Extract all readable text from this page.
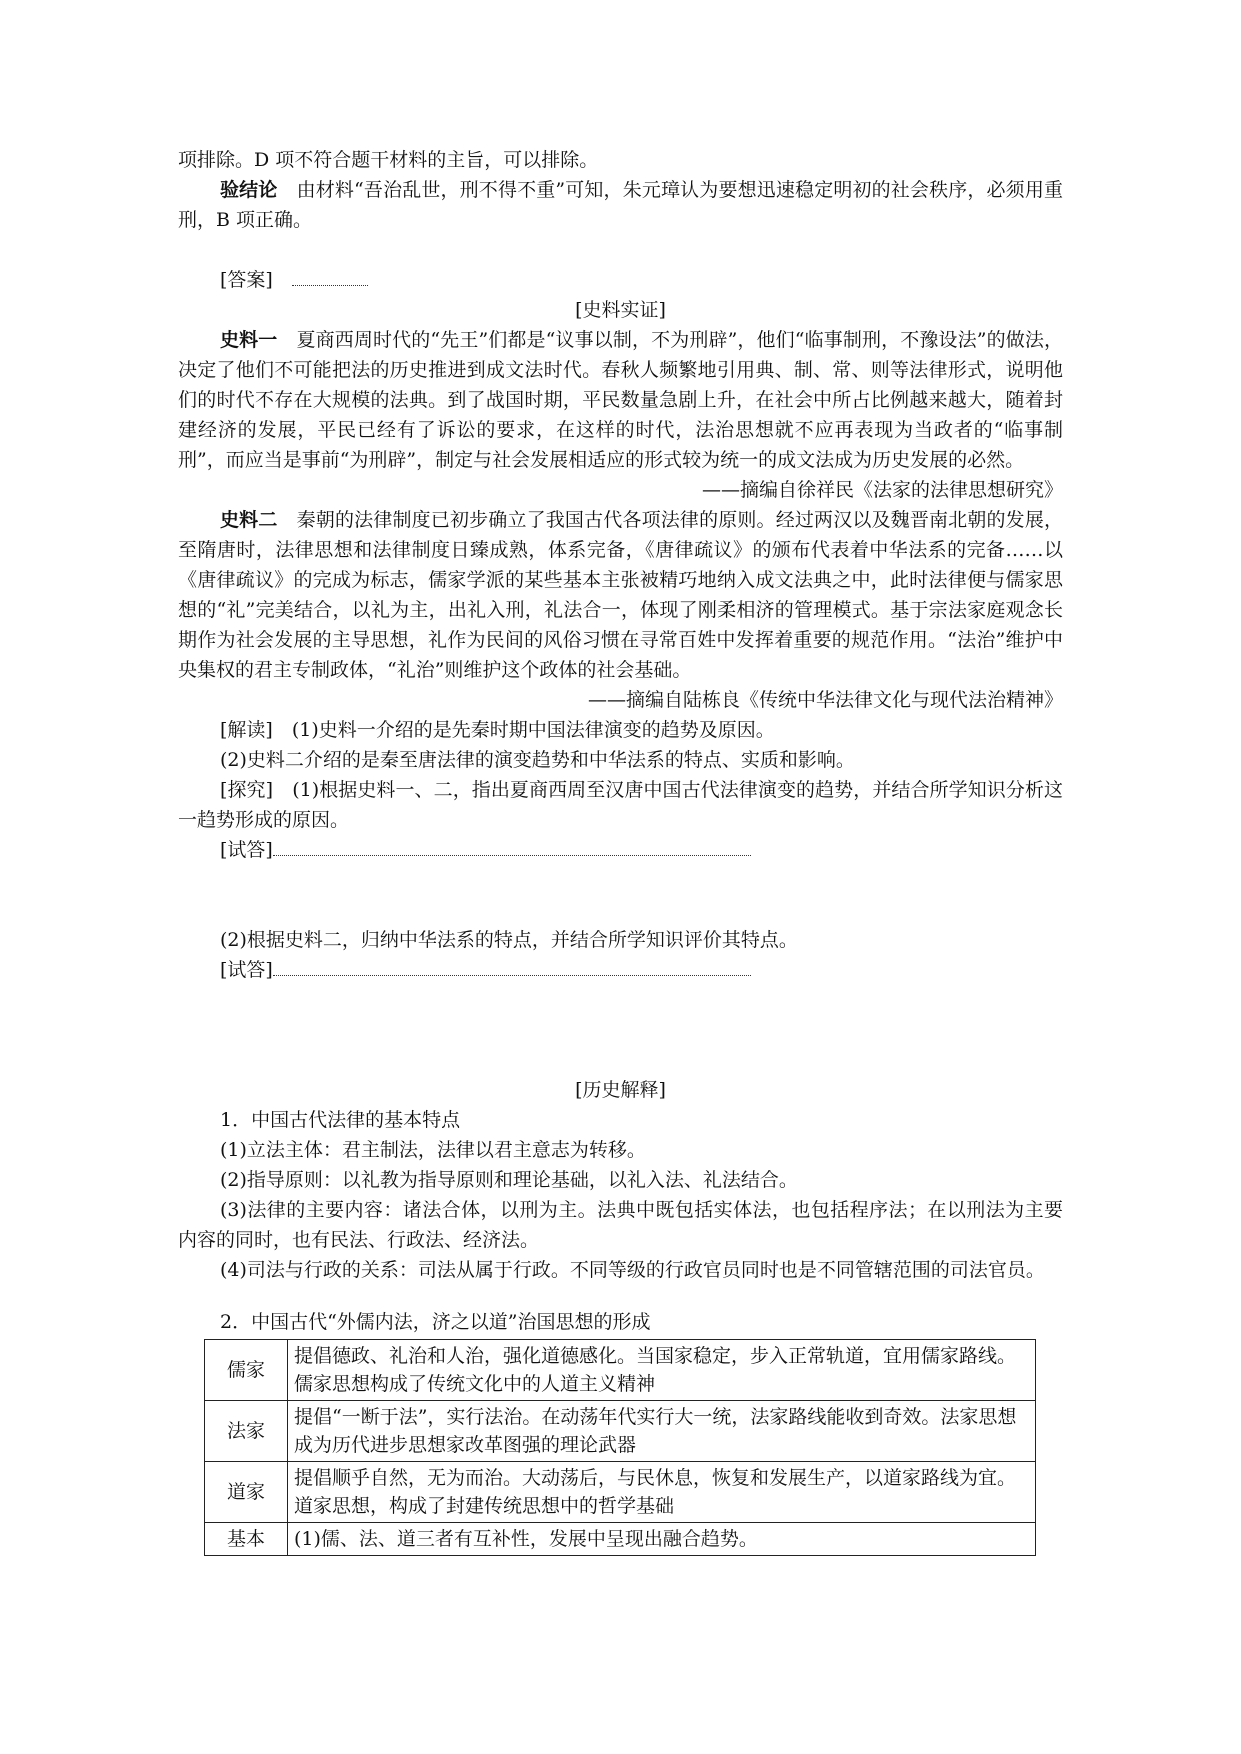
项排除。D 项不符合题干材料的主旨，可以排除。

验结论　 由材料“吾治乱世，刑不得不重”可知，朱元璋认为要想迅速稳定明初的社会秩序，必须用重刑，B 项正确。

[答案]　

[史料实证]

史料一　 夏商西周时代的“先王”们都是“议事以制，不为刑辟”，他们“临事制刑，不豫设法”的做法，决定了他们不可能把法的历史推进到成文法时代。春秋人频繁地引用典、制、常、则等法律形式，说明他们的时代不存在大规模的法典。到了战国时期，平民数量急剧上升，在社会中所占比例越来越大，随着封建经济的发展，平民已经有了诉讼的要求，在这样的时代，法治思想就不应再表现为当政者的“临事制刑”，而应当是事前“为刑辟”，制定与社会发展相适应的形式较为统一的成文法成为历史发展的必然。

——摘编自徐祥民《法家的法律思想研究》

史料二　 秦朝的法律制度已初步确立了我国古代各项法律的原则。经过两汉以及魏晋南北朝的发展，至隋唐时，法律思想和法律制度日臻成熟，体系完备，《唐律疏议》的颁布代表着中华法系的完备……以《唐律疏议》的完成为标志，儒家学派的某些基本主张被精巧地纳入成文法典之中，此时法律便与儒家思想的“礼”完美结合，以礼为主，出礼入刑，礼法合一，体现了刚柔相济的管理模式。基于宗法家庭观念长期作为社会发展的主导思想，礼作为民间的风俗习惯在寻常百姓中发挥着重要的规范作用。“法治”维护中央集权的君主专制政体，“礼治”则维护这个政体的社会基础。

——摘编自陆栋良《传统中华法律文化与现代法治精神》

[解读]　 (1)史料一介绍的是先秦时期中国法律演变的趋势及原因。

(2)史料二介绍的是秦至唐法律的演变趋势和中华法系的特点、实质和影响。

[探究]　 (1)根据史料一、二，指出夏商西周至汉唐中国古代法律演变的趋势，并结合所学知识分析这一趋势形成的原因。

[试答]

(2)根据史料二，归纳中华法系的特点，并结合所学知识评价其特点。

[试答]

[历史解释]

1．中国古代法律的基本特点

(1)立法主体：君主制法，法律以君主意志为转移。

(2)指导原则：以礼教为指导原则和理论基础，以礼入法、礼法结合。

(3)法律的主要内容：诸法合体，以刑为主。法典中既包括实体法，也包括程序法；在以刑法为主要内容的同时，也有民法、行政法、经济法。

(4)司法与行政的关系：司法从属于行政。不同等级的行政官员同时也是不同管辖范围的司法官员。

2．中国古代“外儒内法，济之以道”治国思想的形成

儒家	提倡德政、礼治和人治，强化道德感化。当国家稳定，步入正常轨道，宜用儒家路线。儒家思想构成了传统文化中的人道主义精神
法家	提倡“一断于法”，实行法治。在动荡年代实行大一统，法家路线能收到奇效。法家思想成为历代进步思想家改革图强的理论武器
道家	提倡顺乎自然，无为而治。大动荡后，与民休息，恢复和发展生产，以道家路线为宜。道家思想，构成了封建传统思想中的哲学基础
基本	(1)儒、法、道三者有互补性，发展中呈现出融合趋势。
